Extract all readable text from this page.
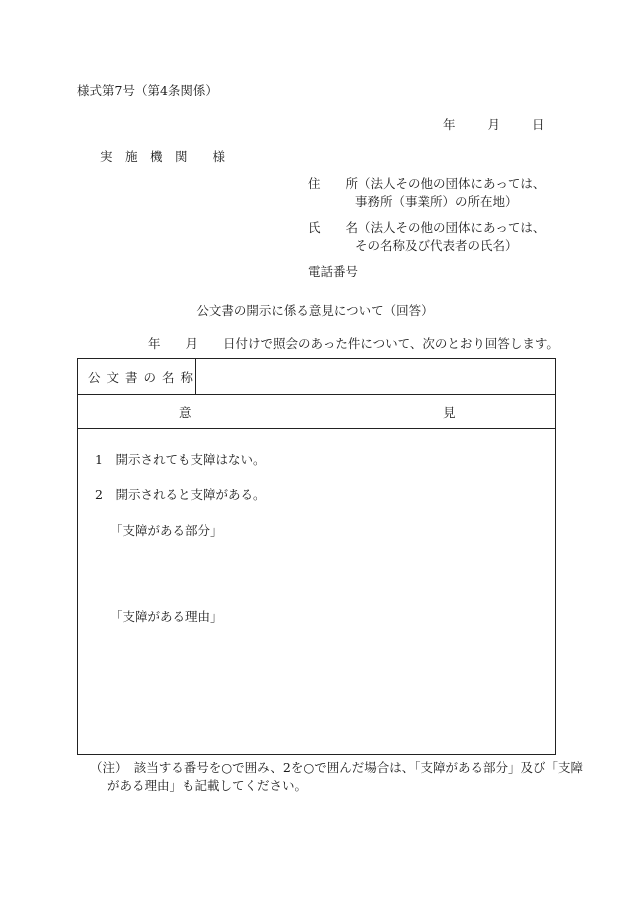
様式第7号（第4条関係）
年	月	日
実　施　機　関　　様
住　　所（法人その他の団体にあっては、
事務所（事業所）の所在地）
氏　　名（法人その他の団体にあっては、
その名称及び代表者の氏名）
電話番号
公文書の開示に係る意見について（回答）
年　　月　　日付けで照会のあった件について、次のとおり回答します。
公文書の名称
意	見
1　開示されても支障はない。
2　開示されると支障がある。
「支障がある部分」
「支障がある理由」
（注）　該当する番号を○で囲み、2を○で囲んだ場合は、「支障がある部分」及び「支障
がある理由」も記載してください。
